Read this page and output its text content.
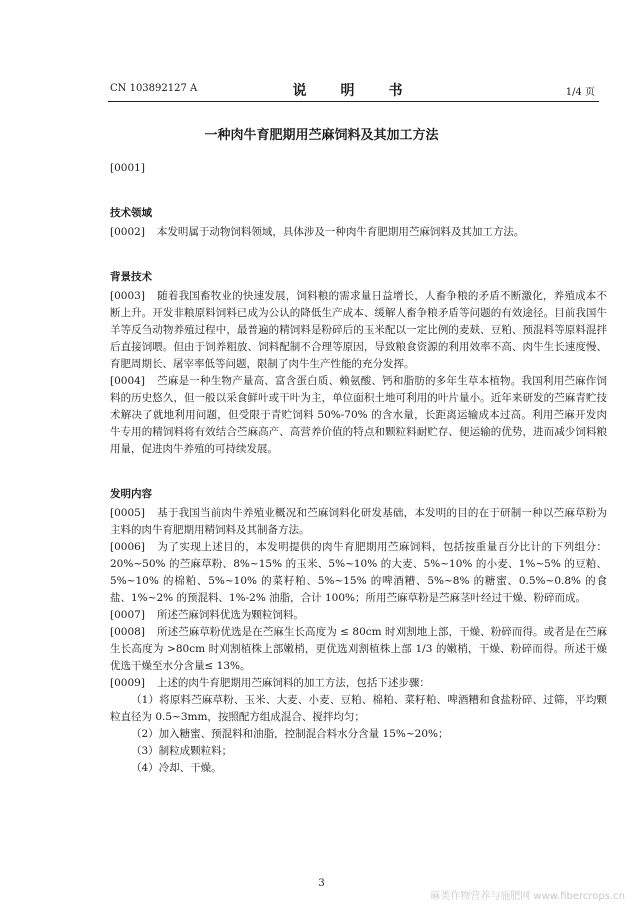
CN 103892127 A	说　明　书	1/4 页
一种肉牛育肥期用苎麻饲料及其加工方法

[0001]

技术领域

[0002] 本发明属于动物饲料领域，具体涉及一种肉牛育肥期用苎麻饲料及其加工方法。

背景技术

[0003] 随着我国畜牧业的快速发展，饲料粮的需求量日益增长，人畜争粮的矛盾不断激化，养殖成本不断上升。开发非粮原料饲料已成为公认的降低生产成本、缓解人畜争粮矛盾等问题的有效途径。目前我国牛羊等反刍动物养殖过程中，最普遍的精饲料是粉碎后的玉米配以一定比例的麦麸、豆粕、预混料等原料混拌后直接饲喂。但由于饲养粗放、饲料配制不合理等原因，导致粮食资源的利用效率不高、肉牛生长速度慢、育肥周期长、屠宰率低等问题，限制了肉牛生产性能的充分发挥。

[0004] 苎麻是一种生物产量高、富含蛋白质、赖氨酸、钙和脂肪的多年生草本植物。我国利用苎麻作饲料的历史悠久，但一般以采食鲜叶或干叶为主，单位面积土地可利用的叶片量小。近年来研发的苎麻青贮技术解决了就地利用问题，但受限于青贮饲料 50%-70% 的含水量，长距离运输成本过高。利用苎麻开发肉牛专用的精饲料将有效结合苎麻高产、高营养价值的特点和颗粒料耐贮存、便运输的优势，进而减少饲料粮用量，促进肉牛养殖的可持续发展。

发明内容

[0005] 基于我国当前肉牛养殖业概况和苎麻饲料化研发基础，本发明的目的在于研制一种以苎麻草粉为主料的肉牛育肥期用精饲料及其制备方法。

[0006] 为了实现上述目的，本发明提供的肉牛育肥期用苎麻饲料，包括按重量百分比计的下列组分：20%~50% 的苎麻草粉、8%~15% 的玉米、5%~10% 的大麦、5%~10% 的小麦、1%~5% 的豆粕、5%~10% 的棉粕、5%~10% 的菜籽粕、5%~15% 的啤酒糟、5%~8% 的糖蜜、0.5%~0.8% 的食盐、1%~2% 的预混料、1%-2% 油脂，合计 100%；所用苎麻草粉是苎麻茎叶经过干燥、粉碎而成。

[0007] 所述苎麻饲料优选为颗粒饲料。

[0008] 所述苎麻草粉优选是在苎麻生长高度为 ≤ 80cm 时刈割地上部，干燥、粉碎而得。或者是在苎麻生长高度为 >80cm 时刈割植株上部嫩梢，更优选刈割植株上部 1/3 的嫩梢，干燥、粉碎而得。所述干燥优选干燥至水分含量≤ 13%。

[0009] 上述的肉牛育肥期用苎麻饲料的加工方法，包括下述步骤：

（1）将原料苎麻草粉、玉米、大麦、小麦、豆粕、棉粕、菜籽粕、啤酒糟和食盐粉碎、过筛，平均颗粒直径为 0.5~3mm，按照配方组成混合、搅拌均匀；

（2）加入糖蜜、预混料和油脂，控制混合料水分含量 15%~20%；

（3）制粒成颗粒料；

（4）冷却、干燥。

3
麻类作物营养与施肥网 www.fibercrops.cn
